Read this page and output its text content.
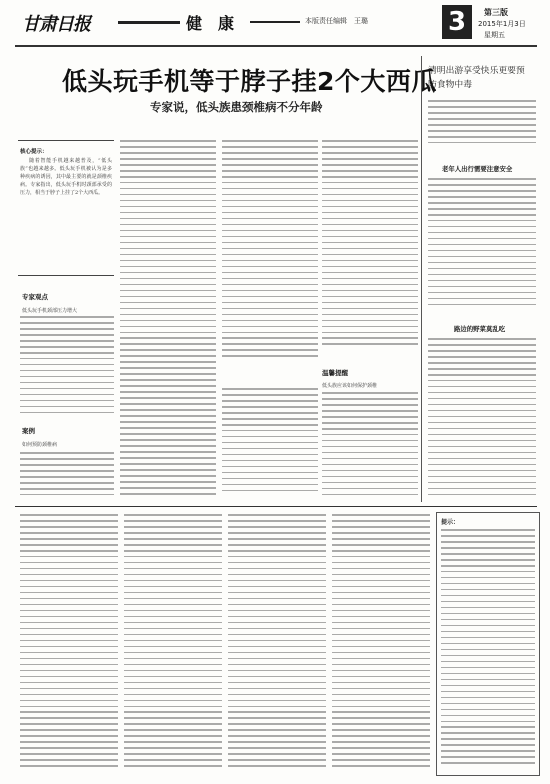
甘肃日报	健　康	本版责任编辑　王璐	3	第三版
2015年1月3日
星期五
低头玩手机等于脖子挂2个大西瓜
专家说，低头族患颈椎病不分年龄
核心提示：
随着智能手机越来越普及，“低头族”也越来越多。低头玩手机被认为是多种疾病的诱因，其中最主要的就是颈椎疾病。专家指出，低头玩手机时颈部承受的压力，相当于脖子上挂了2个大西瓜。
专家观点
低头玩手机颈部压力增大
案例
如何预防颈椎病
温馨提醒
低头族应该如何保护颈椎
清明出游享受快乐更要预防食物中毒
老年人出行需要注意安全
路边的野菜莫乱吃
提示：
